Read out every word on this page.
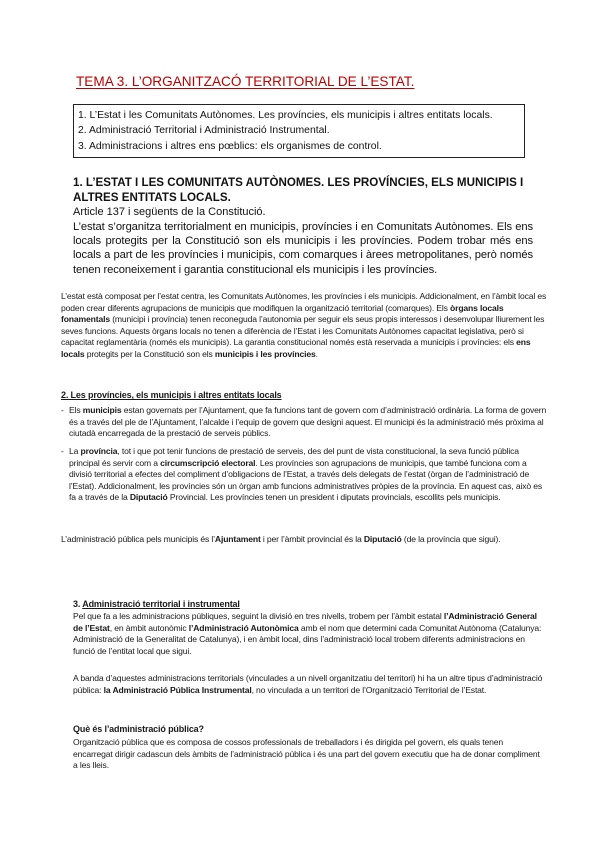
TEMA 3. L’ORGANITZACÓ TERRITORIAL DE L’ESTAT.
1. L’Estat i les Comunitats Autònomes. Les províncies, els municipis i altres entitats locals.
2. Administració Territorial i Administració Instrumental.
3. Administracions i altres ens pœblics: els organismes de control.
1. L’ESTAT I LES COMUNITATS AUTÒNOMES. LES PROVÍNCIES, ELS MUNICIPIS I ALTRES ENTITATS LOCALS.
Article 137 i següents de la Constitució.
L’estat s’organitza territorialment en municipis, províncies i en Comunitats Autònomes. Els ens locals protegits per la Constitució son els municipis i les províncies. Podem trobar més ens locals a part de les províncies i municipis, com comarques i àrees metropolitanes, però només tenen reconeixement i garantia constitucional els municipis i les províncies.
L’estat està composat per l’estat centra, les Comunitats Autònomes, les províncies i els municipis. Addicionalment, en l’àmbit local es poden crear diferents agrupacions de municipis que modifiquen la organització territorial (comarques). Els òrgans locals fonamentals (municipi i província) tenen reconeguda l’autonomia per seguir els seus propis interessos i desenvolupar lliurement les seves funcions. Aquests òrgans locals no tenen a diferència de l’Estat i les Comunitats Autònomes capacitat legislativa, però si capacitat reglamentària (només els municipis). La garantia constitucional només està reservada a municipis i províncies: els ens locals protegits per la Constitució son els municipis i les províncies.
2. Les províncies, els municipis i altres entitats locals
- Els municipis estan governats per l’Ajuntament, que fa funcions tant de govern com d’administració ordinària. La forma de govern és a través del ple de l’Ajuntament, l’alcalde i l’equip de govern que designi aquest. El municipi és la administració més pròxima al ciutadà encarregada de la prestació de serveis públics.
- La província, tot i que pot tenir funcions de prestació de serveis, des del punt de vista constitucional, la seva funció pública principal és servir com a circumscripció electoral. Les províncies son agrupacions de municipis, que també funciona com a divisió territorial a efectes del compliment d’obligacions de l’Estat, a través dels delegats de l’estat (òrgan de l’administració de l’Estat). Addicionalment, les províncies són un òrgan amb funcions administratives pròpies de la província. En aquest cas, això es fa a través de la Diputació Provincial. Les províncies tenen un president i diputats provincials, escollits pels municipis.
L’administració pública pels municipis és l’Ajuntament i per l’àmbit provincial és la Diputació (de la província que sigui).
3. Administració territorial i instrumental
Pel que fa a les administracions públiques, seguint la divisió en tres nivells, trobem per l’àmbit estatal l’Administració General de l’Estat, en àmbit autonòmic l’Administració Autonòmica amb el nom que determini cada Comunitat Autònoma (Catalunya: Administració de la Generalitat de Catalunya), i en àmbit local, dins l’administració local trobem diferents administracions en funció de l’entitat local que sigui.
A banda d’aquestes administracions territorials (vinculades a un nivell organitzatiu del territori) hi ha un altre tipus d’administració pública: la Administració Pública Instrumental, no vinculada a un territori de l’Organització Territorial de l’Estat.
Què és l’administració pública?
Organització pública que es composa de cossos professionals de treballadors i és dirigida pel govern, els quals tenen encarregat dirigir cadascun dels àmbits de l’administració pública i és una part del govern executiu que ha de donar compliment a les lleis.
